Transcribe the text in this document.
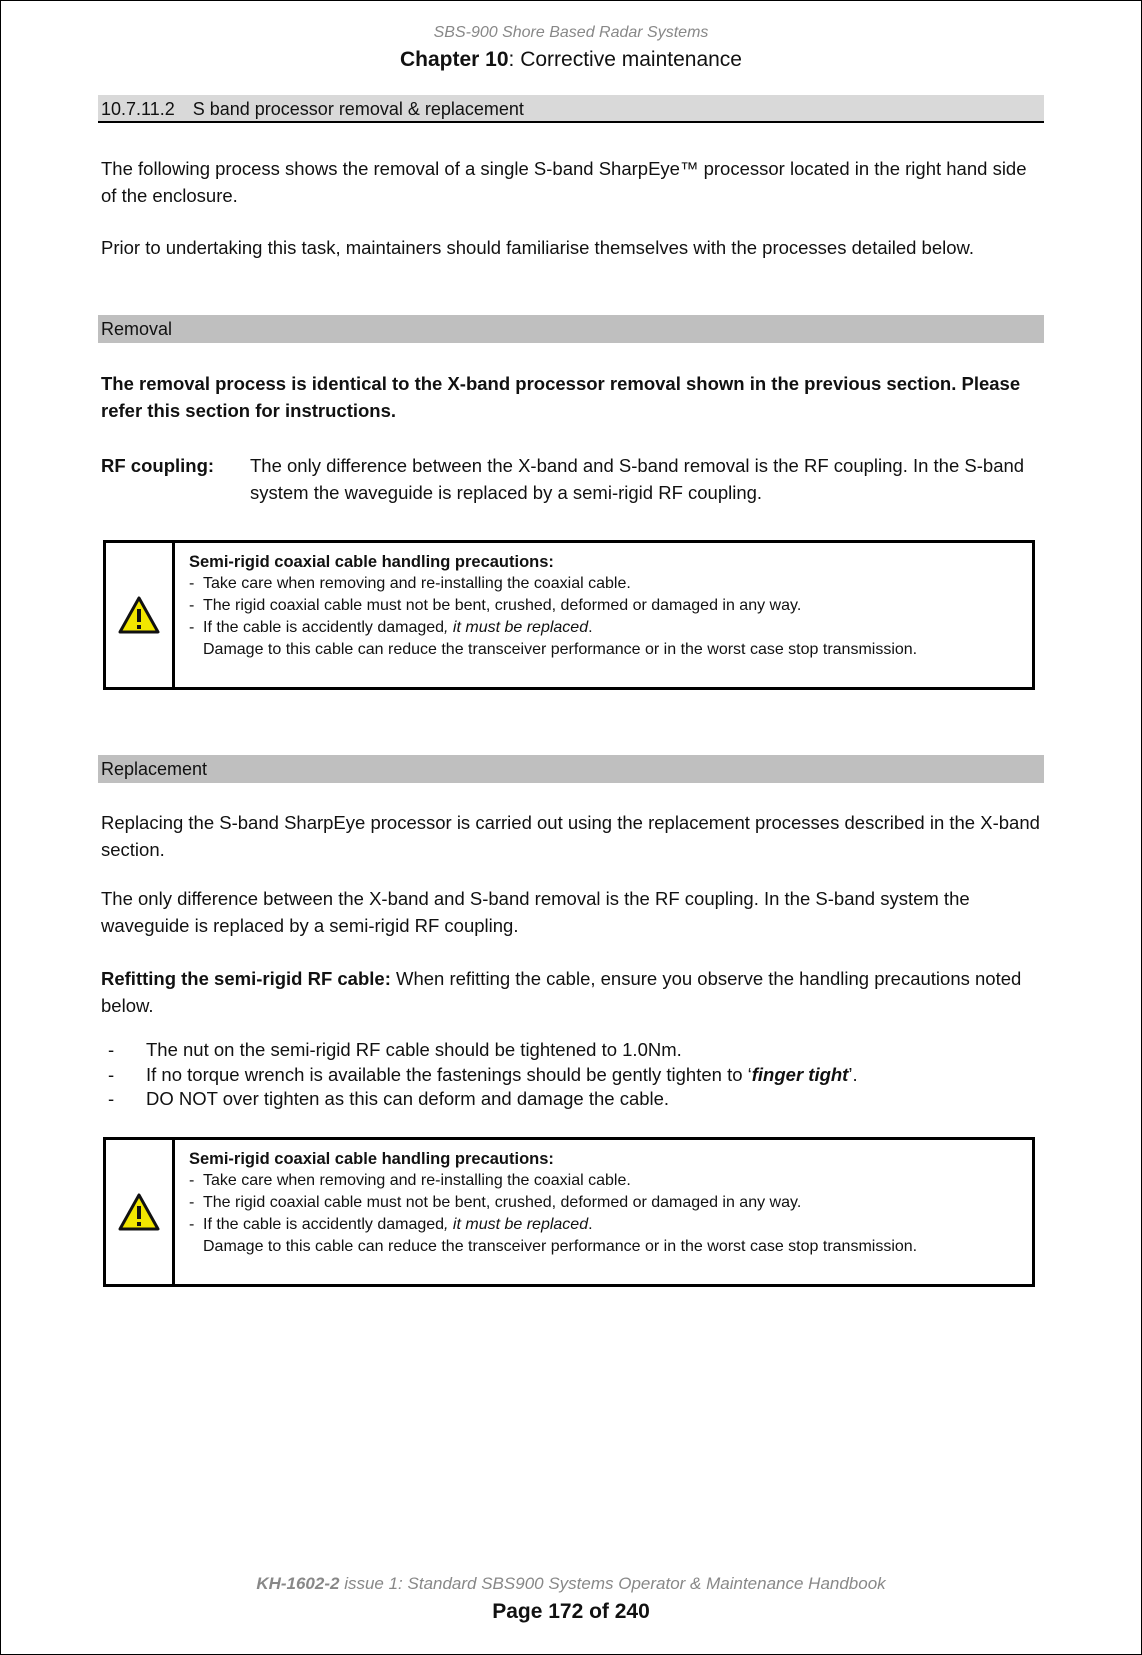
SBS-900 Shore Based Radar Systems
Chapter 10: Corrective maintenance
10.7.11.2 S band processor removal & replacement
The following process shows the removal of a single S-band SharpEye™ processor located in the right hand side of the enclosure.
Prior to undertaking this task, maintainers should familiarise themselves with the processes detailed below.
Removal
The removal process is identical to the X-band processor removal shown in the previous section. Please refer this section for instructions.
RF coupling: The only difference between the X-band and S-band removal is the RF coupling. In the S-band system the waveguide is replaced by a semi-rigid RF coupling.
Semi-rigid coaxial cable handling precautions:
- Take care when removing and re-installing the coaxial cable.
- The rigid coaxial cable must not be bent, crushed, deformed or damaged in any way.
- If the cable is accidently damaged, it must be replaced.
Damage to this cable can reduce the transceiver performance or in the worst case stop transmission.
Replacement
Replacing the S-band SharpEye processor is carried out using the replacement processes described in the X-band section.
The only difference between the X-band and S-band removal is the RF coupling. In the S-band system the waveguide is replaced by a semi-rigid RF coupling.
Refitting the semi-rigid RF cable: When refitting the cable, ensure you observe the handling precautions noted below.
-	The nut on the semi-rigid RF cable should be tightened to 1.0Nm.
-	If no torque wrench is available the fastenings should be gently tighten to ‘finger tight’.
-	DO NOT over tighten as this can deform and damage the cable.
Semi-rigid coaxial cable handling precautions:
- Take care when removing and re-installing the coaxial cable.
- The rigid coaxial cable must not be bent, crushed, deformed or damaged in any way.
- If the cable is accidently damaged, it must be replaced.
Damage to this cable can reduce the transceiver performance or in the worst case stop transmission.
KH-1602-2 issue 1: Standard SBS900 Systems Operator & Maintenance Handbook
Page 172 of 240
